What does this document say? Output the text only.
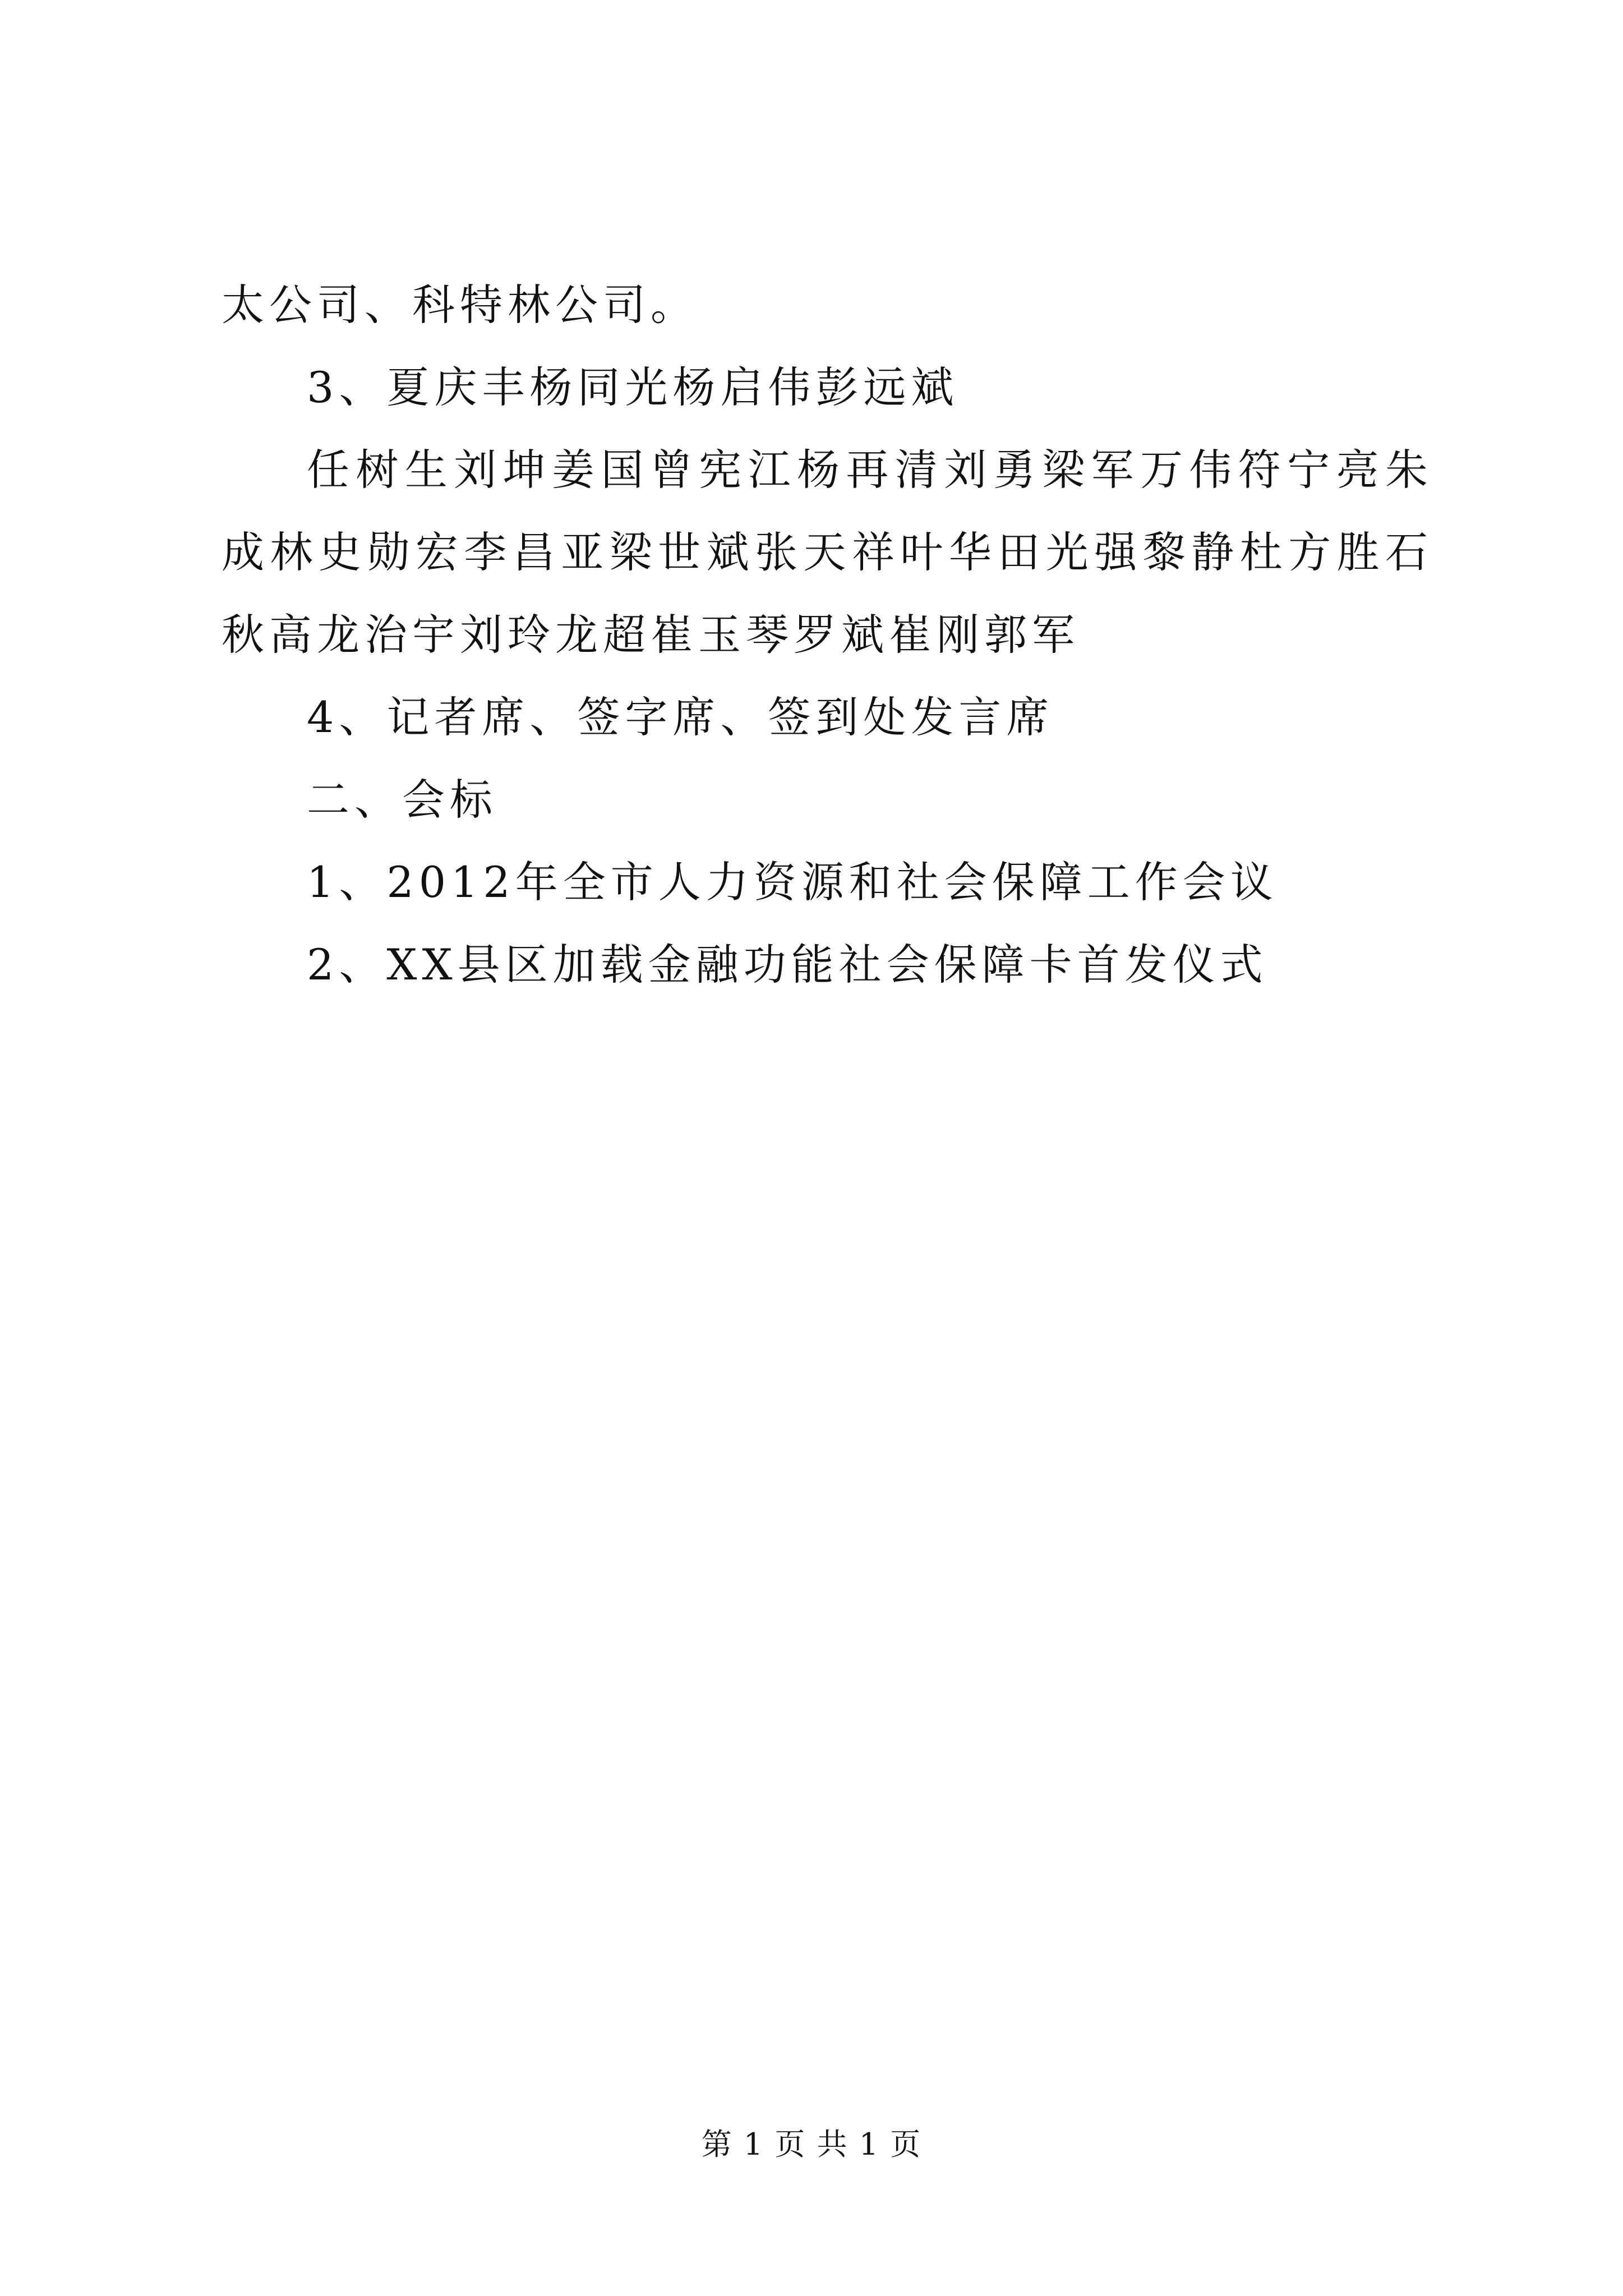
太公司、科特林公司。

3、夏庆丰杨同光杨启伟彭远斌

任树生刘坤姜国曾宪江杨再清刘勇梁军万伟符宁亮朱成林史勋宏李昌亚梁世斌张天祥叶华田光强黎静杜方胜石秋高龙治宇刘玲龙超崔玉琴罗斌崔刚郭军

4、记者席、签字席、签到处发言席

二、会标

1、2012年全市人力资源和社会保障工作会议

2、XX县区加载金融功能社会保障卡首发仪式

第 1 页 共 1 页
